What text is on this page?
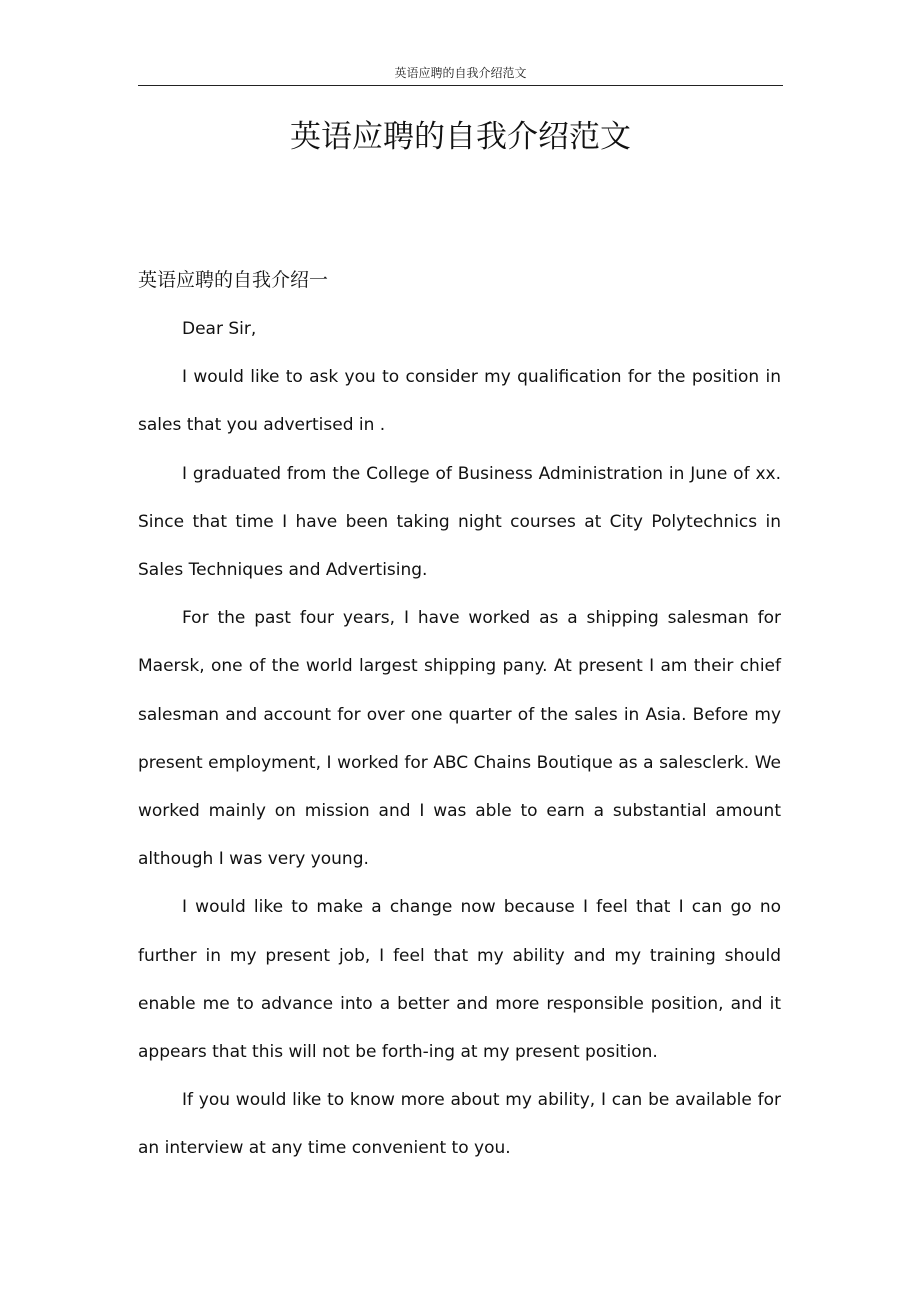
英语应聘的自我介绍范文
英语应聘的自我介绍范文
英语应聘的自我介绍一

Dear Sir,

I would like to ask you to consider my qualification for the position in sales that you advertised in .

I graduated from the College of Business Administration in June of xx. Since that time I have been taking night courses at City Polytechnics in Sales Techniques and Advertising.

For the past four years, I have worked as a shipping salesman for Maersk, one of the world largest shipping pany. At present I am their chief salesman and account for over one quarter of the sales in Asia. Before my present employment, I worked for ABC Chains Boutique as a salesclerk. We worked mainly on mission and I was able to earn a substantial amount although I was very young.

I would like to make a change now because I feel that I can go no further in my present job, I feel that my ability and my training should enable me to advance into a better and more responsible position, and it appears that this will not be forth-ing at my present position.

If you would like to know more about my ability, I can be available for an interview at any time convenient to you.
